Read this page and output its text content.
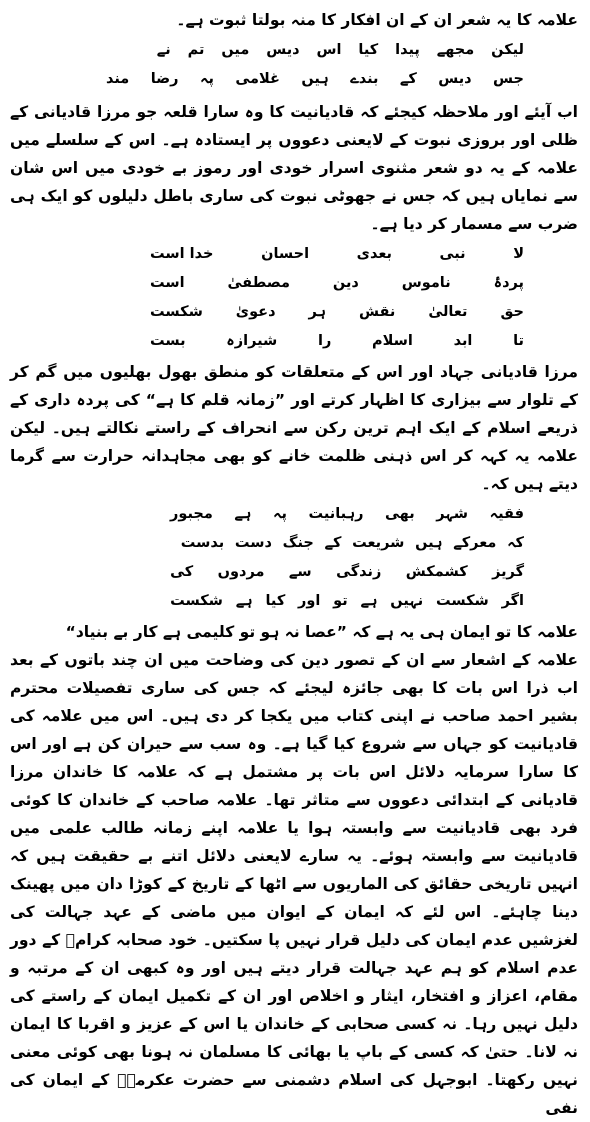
علامہ کا یہ شعر ان کے ان افکار کا منہ بولتا ثبوت ہے۔

لیکن
مجھے
پیدا
کیا
اس
دیس
میں
تم
نے
جس
دیس
کے
بندے
ہیں
غلامی
پہ
رضا
مند

اب آیئے اور ملاحظہ کیجئے کہ قادیانیت کا وہ سارا قلعہ جو مرزا قادیانی کے ظلی اور بروزی نبوت کے لایعنی دعووں پر ایستادہ ہے۔ اس کے سلسلے میں علامہ کے یہ دو شعر مثنوی اسرار خودی اور رموز بے خودی میں اس شان سے نمایاں ہیں کہ جس نے جھوٹی نبوت کی ساری باطل دلیلوں کو ایک ہی ضرب سے مسمار کر دیا ہے۔

لا
نبی
بعدی
احسان
خدا است
پردۂ
ناموس
دین
مصطفیٰ
است
حق
تعالیٰ
نقش
ہر
دعویٰ
شکست
تا
ابد
اسلام
را
شیرازہ
بست

مرزا قادیانی جہاد اور اس کے متعلقات کو منطق بھول بھلیوں میں گم کر کے تلوار سے بیزاری کا اظہار کرتے اور ”زمانہ قلم کا ہے“ کی پردہ داری کے ذریعے اسلام کے ایک اہم ترین رکن سے انحراف کے راستے نکالتے ہیں۔ لیکن علامہ یہ کہہ کر اس ذہنی ظلمت خانے کو بھی مجاہدانہ حرارت سے گرما دیتے ہیں کہ۔

فقیہ
شہر
بھی
رہبانیت
پہ
ہے
مجبور
کہ
معرکے
ہیں
شریعت
کے
جنگ
دست
بدست
گریز
کشمکش
زندگی
سے
مردوں
کی
اگر
شکست
نہیں
ہے
تو
اور
کیا
ہے
شکست

علامہ کا تو ایمان ہی یہ ہے کہ ”عصا نہ ہو تو کلیمی ہے کار بے بنیاد“

علامہ کے اشعار سے ان کے تصور دین کی وضاحت میں ان چند باتوں کے بعد اب ذرا اس بات کا بھی جائزہ لیجئے کہ جس کی ساری تفصیلات محترم بشیر احمد صاحب نے اپنی کتاب میں یکجا کر دی ہیں۔ اس میں علامہ کی قادیانیت کو جہاں سے شروع کیا گیا ہے۔ وہ سب سے حیران کن ہے اور اس کا سارا سرمایہ دلائل اس بات پر مشتمل ہے کہ علامہ کا خاندان مرزا قادیانی کے ابتدائی دعووں سے متاثر تھا۔ علامہ صاحب کے خاندان کا کوئی فرد بھی قادیانیت سے وابستہ ہوا یا علامہ اپنے زمانہ طالب علمی میں قادیانیت سے وابستہ ہوئے۔ یہ سارے لایعنی دلائل اتنے بے حقیقت ہیں کہ انہیں تاریخی حقائق کی الماریوں سے اٹھا کے تاریخ کے کوڑا دان میں پھینک دینا چاہئے۔ اس لئے کہ ایمان کے ایوان میں ماضی کے عہد جہالت کی لغزشیں عدم ایمان کی دلیل قرار نہیں پا سکتیں۔ خود صحابہ کرامؓ کے دور عدم اسلام کو ہم عہد جہالت قرار دیتے ہیں اور وہ کبھی ان کے مرتبہ و مقام، اعزاز و افتخار، ایثار و اخلاص اور ان کے تکمیل ایمان کے راستے کی دلیل نہیں رہا۔ نہ کسی صحابی کے خاندان یا اس کے عزیز و اقربا کا ایمان نہ لانا۔ حتیٰ کہ کسی کے باپ یا بھائی کا مسلمان نہ ہونا بھی کوئی معنی نہیں رکھتا۔ ابوجہل کی اسلام دشمنی سے حضرت عکرمہؓ کے ایمان کی نفی
